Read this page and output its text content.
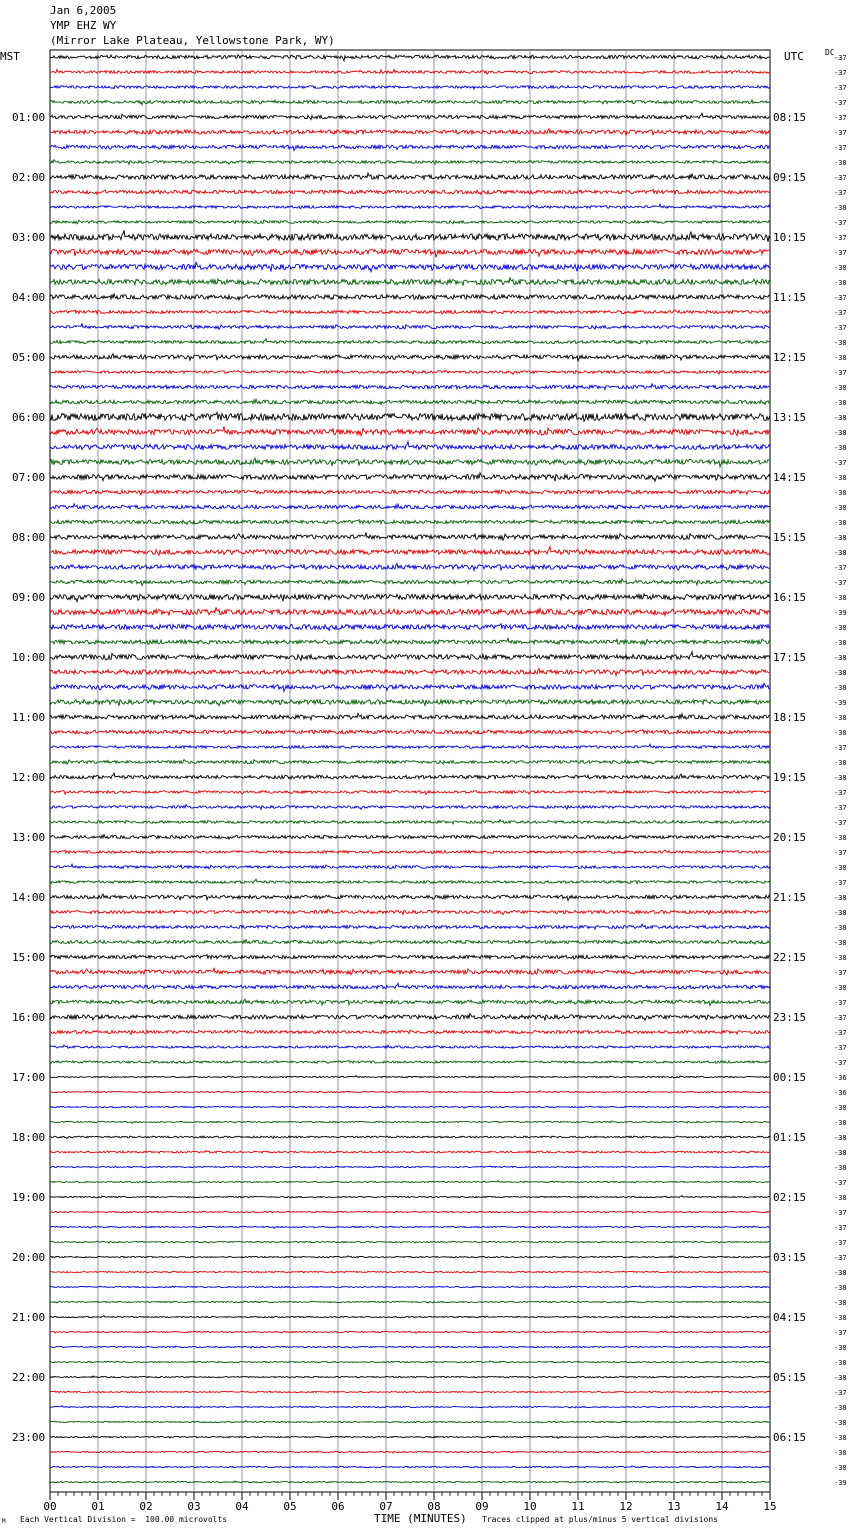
Jan 6,2005
YMP EHZ WY
(Mirror Lake Plateau, Yellowstone Park, WY)
MST	UTC	DC
00	01	02	03	04	05	06	07	08	09	10	11	12	13	14	15
-37
-37
-37
-37
-37
-37
-37
-38
-37
-37
-38
-37
-37
-37
-38
-38
-37
-37
-37
-38
-38
-37
-38
-38
-38
-38
-38
-37
-38
-38
-38
-38
-38
-38
-37
-37
-38
-39
-38
-38
-38
-38
-38
-39
-38
-38
-37
-38
-38
-37
-37
-37
-38
-37
-38
-37
-38
-38
-38
-38
-38
-37
-38
-37
-37
-37
-37
-37
-36
-36
-38
-38
-38
-38
-38
-37
-38
-37
-37
-37
-37
-38
-38
-38
-38
-37
-38
-38
-38
-37
-38
-38
-38
-38
-38
-39
01:00
02:00
03:00
04:00
05:00
06:00
07:00
08:00
09:00
10:00
11:00
12:00
13:00
14:00
15:00
16:00
17:00
18:00
19:00
20:00
21:00
22:00
23:00
08:15
09:15
10:15
11:15
12:15
13:15
14:15
15:15
16:15
17:15
18:15
19:15
20:15
21:15
22:15
23:15
00:15
01:15
02:15
03:15
04:15
05:15
06:15
M Each Vertical Division =  100.00 microvolts	TIME (MINUTES) Traces clipped at plus/minus 5 vertical divisions
